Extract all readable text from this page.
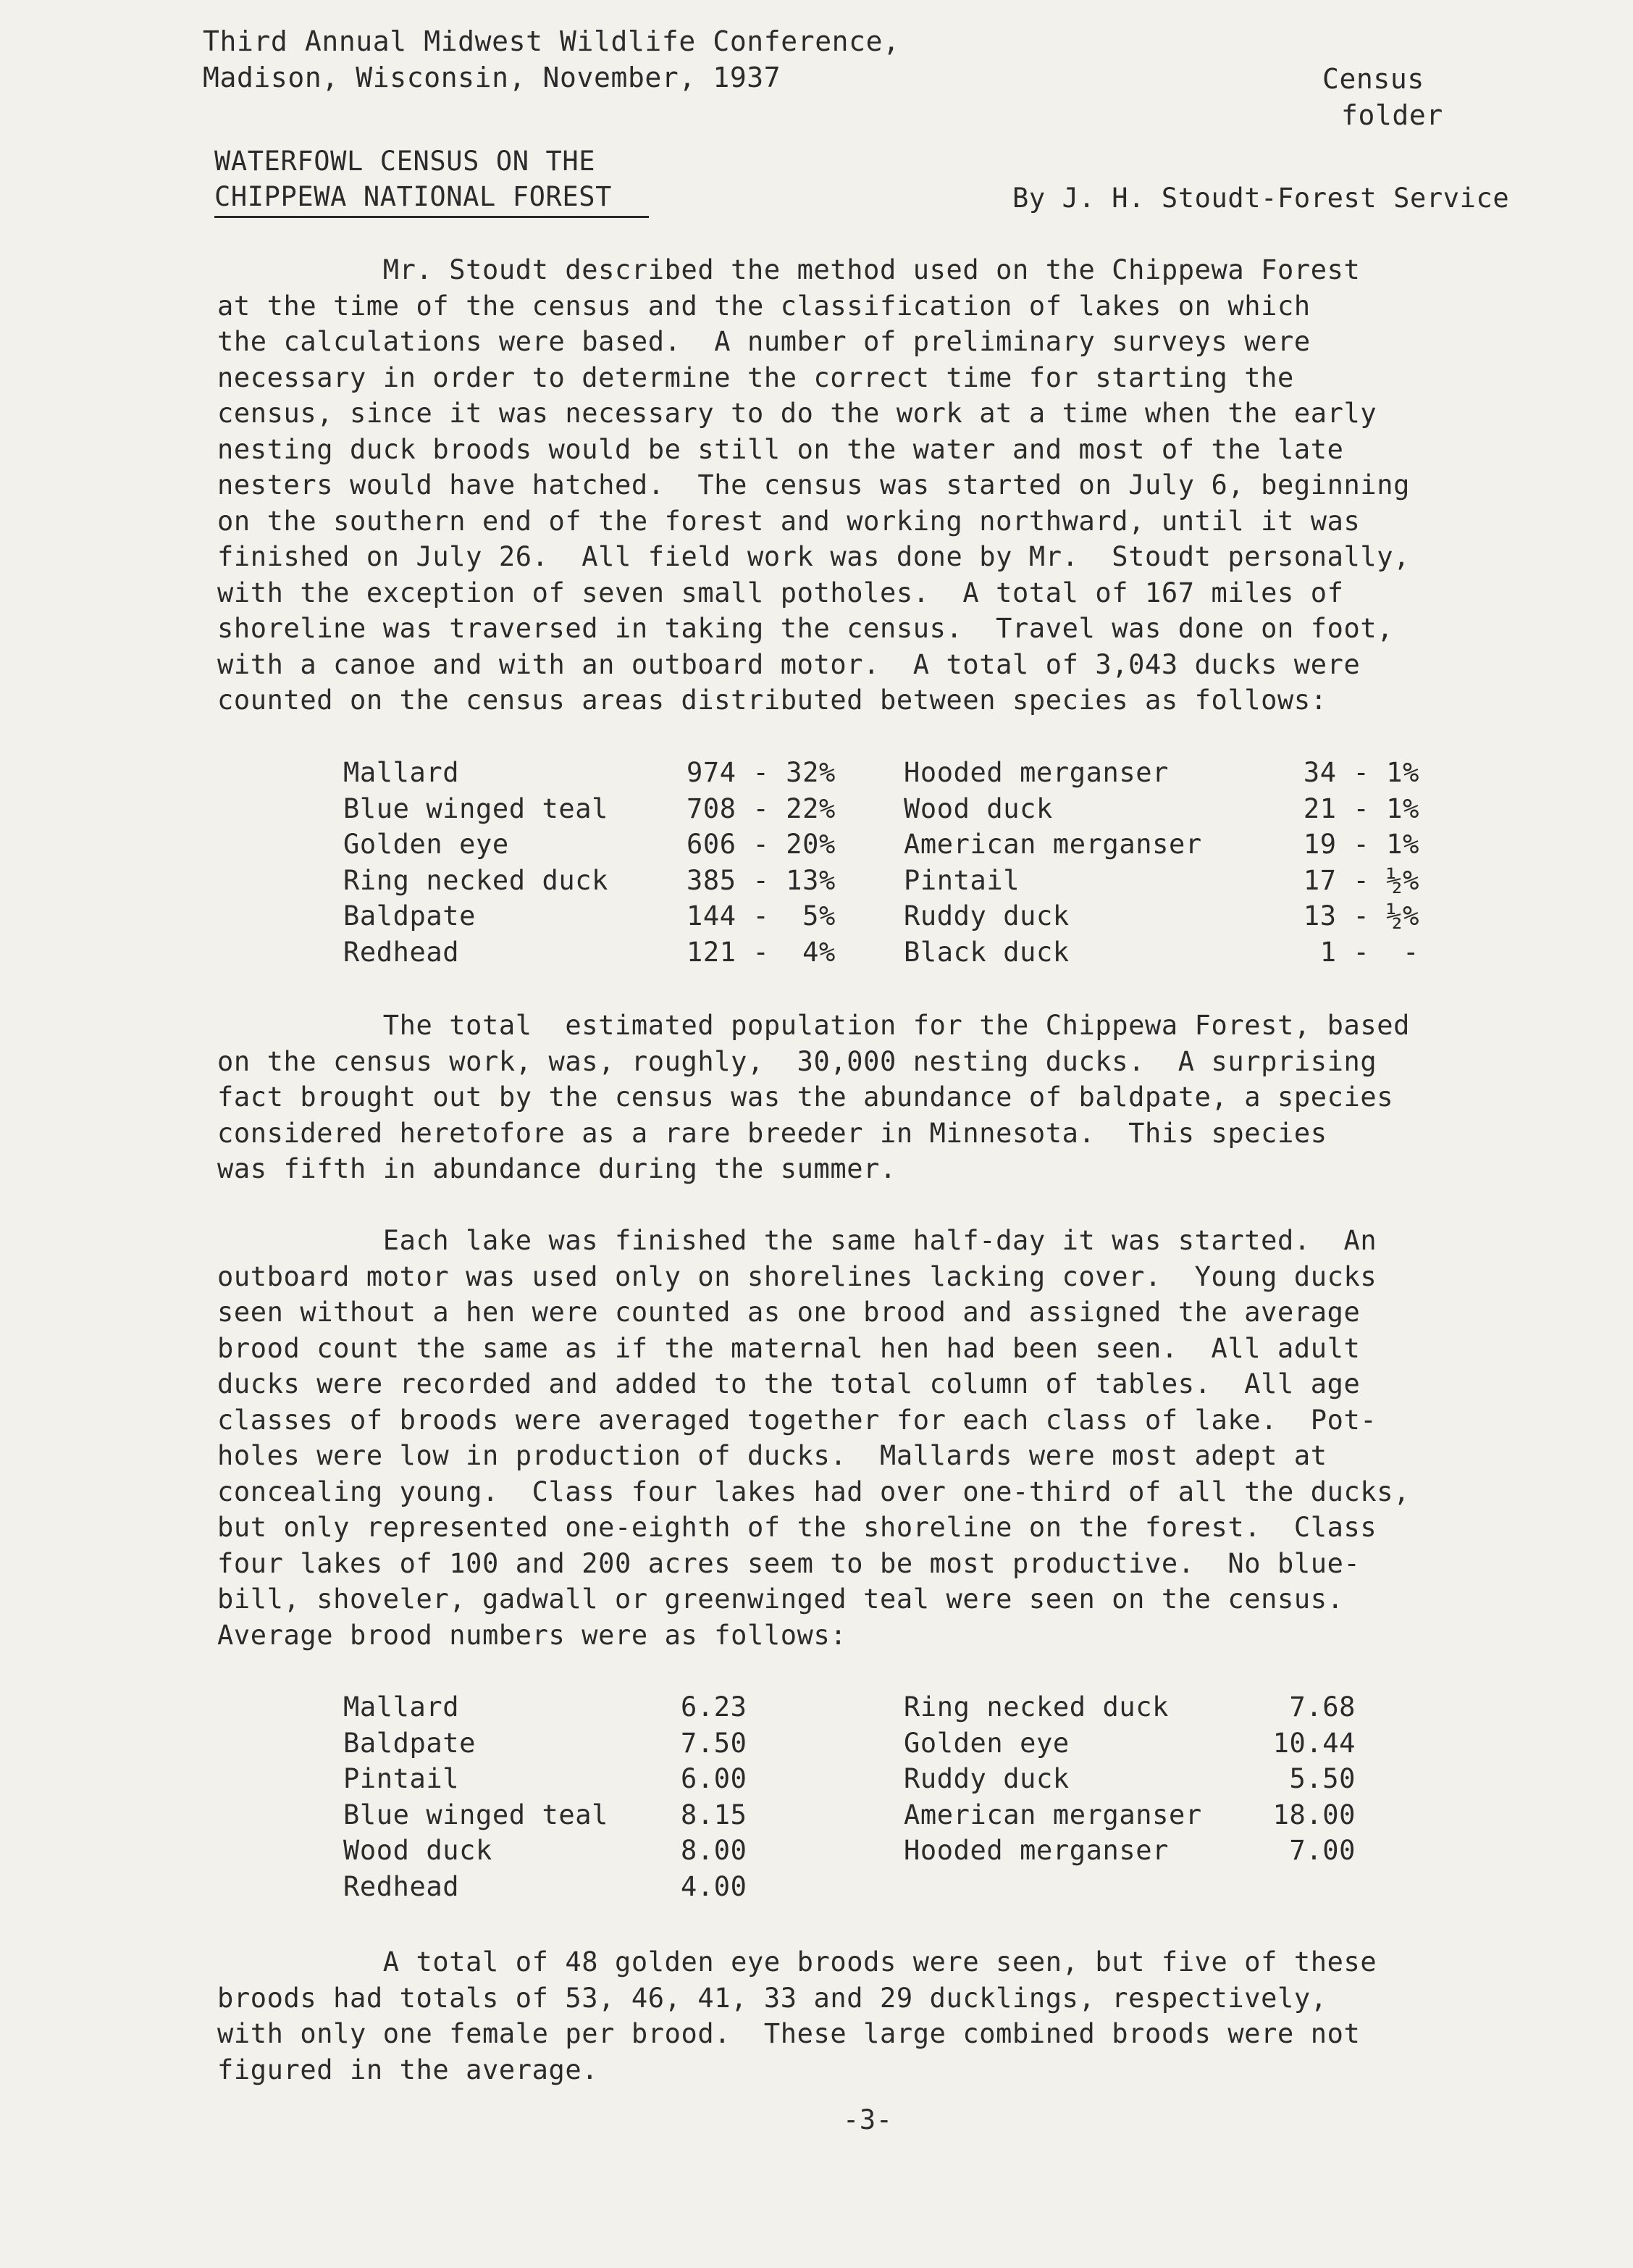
Third Annual Midwest Wildlife Conference,
Madison, Wisconsin, November, 1937	Census
folder
WATERFOWL CENSUS ON THE
CHIPPEWA NATIONAL FOREST	By J. H. Stoudt-Forest Service
Mr. Stoudt described the method used on the Chippewa Forest
at the time of the census and the classification of lakes on which
the calculations were based.  A number of preliminary surveys were
necessary in order to determine the correct time for starting the
census, since it was necessary to do the work at a time when the early
nesting duck broods would be still on the water and most of the late
nesters would have hatched.  The census was started on July 6, beginning
on the southern end of the forest and working northward, until it was
finished on July 26.  All field work was done by Mr.  Stoudt personally,
with the exception of seven small potholes.  A total of 167 miles of
shoreline was traversed in taking the census.  Travel was done on foot,
with a canoe and with an outboard motor.  A total of 3,043 ducks were
counted on the census areas distributed between species as follows:
Mallard
Blue winged teal
Golden eye
Ring necked duck
Baldpate
Redhead
974 - 32%
708 - 22%
606 - 20%
385 - 13%
144 -  5%
121 -  4%
Hooded merganser
Wood duck
American merganser
Pintail
Ruddy duck
Black duck
34 - 1%
21 - 1%
19 - 1%
17 - ½%
13 - ½%
1 -  -
The total  estimated population for the Chippewa Forest, based
on the census work, was, roughly,  30,000 nesting ducks.  A surprising
fact brought out by the census was the abundance of baldpate, a species
considered heretofore as a rare breeder in Minnesota.  This species
was fifth in abundance during the summer.
Each lake was finished the same half-day it was started.  An
outboard motor was used only on shorelines lacking cover.  Young ducks
seen without a hen were counted as one brood and assigned the average
brood count the same as if the maternal hen had been seen.  All adult
ducks were recorded and added to the total column of tables.  All age
classes of broods were averaged together for each class of lake.  Pot-
holes were low in production of ducks.  Mallards were most adept at
concealing young.  Class four lakes had over one-third of all the ducks,
but only represented one-eighth of the shoreline on the forest.  Class
four lakes of 100 and 200 acres seem to be most productive.  No blue-
bill, shoveler, gadwall or greenwinged teal were seen on the census.
Average brood numbers were as follows:
Mallard
Baldpate
Pintail
Blue winged teal
Wood duck
Redhead
6.23
7.50
6.00
8.15
8.00
4.00
Ring necked duck
Golden eye
Ruddy duck
American merganser
Hooded merganser
7.68
10.44
5.50
18.00
7.00
A total of 48 golden eye broods were seen, but five of these
broods had totals of 53, 46, 41, 33 and 29 ducklings, respectively,
with only one female per brood.  These large combined broods were not
figured in the average.
-3-
